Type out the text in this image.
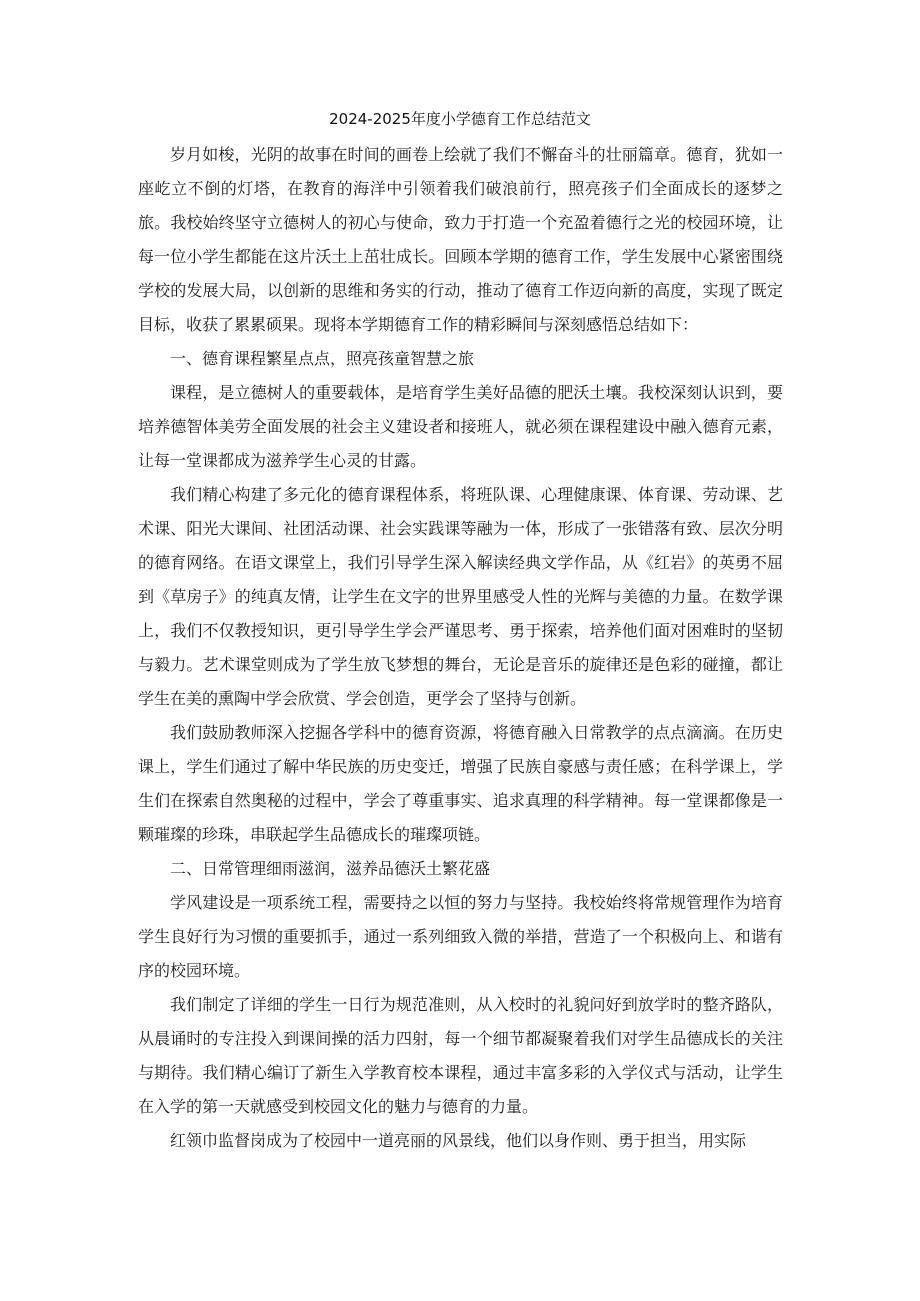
2024-2025年度小学德育工作总结范文

岁月如梭，光阴的故事在时间的画卷上绘就了我们不懈奋斗的壮丽篇章。德育，犹如一座屹立不倒的灯塔，在教育的海洋中引领着我们破浪前行，照亮孩子们全面成长的逐梦之旅。我校始终坚守立德树人的初心与使命，致力于打造一个充盈着德行之光的校园环境，让每一位小学生都能在这片沃土上茁壮成长。回顾本学期的德育工作，学生发展中心紧密围绕学校的发展大局，以创新的思维和务实的行动，推动了德育工作迈向新的高度，实现了既定目标，收获了累累硕果。现将本学期德育工作的精彩瞬间与深刻感悟总结如下：

一、德育课程繁星点点，照亮孩童智慧之旅

课程，是立德树人的重要载体，是培育学生美好品德的肥沃土壤。我校深刻认识到，要培养德智体美劳全面发展的社会主义建设者和接班人，就必须在课程建设中融入德育元素，让每一堂课都成为滋养学生心灵的甘露。

我们精心构建了多元化的德育课程体系，将班队课、心理健康课、体育课、劳动课、艺术课、阳光大课间、社团活动课、社会实践课等融为一体，形成了一张错落有致、层次分明的德育网络。在语文课堂上，我们引导学生深入解读经典文学作品，从《红岩》的英勇不屈到《草房子》的纯真友情，让学生在文字的世界里感受人性的光辉与美德的力量。在数学课上，我们不仅教授知识，更引导学生学会严谨思考、勇于探索，培养他们面对困难时的坚韧与毅力。艺术课堂则成为了学生放飞梦想的舞台，无论是音乐的旋律还是色彩的碰撞，都让学生在美的熏陶中学会欣赏、学会创造，更学会了坚持与创新。

我们鼓励教师深入挖掘各学科中的德育资源，将德育融入日常教学的点点滴滴。在历史课上，学生们通过了解中华民族的历史变迁，增强了民族自豪感与责任感；在科学课上，学生们在探索自然奥秘的过程中，学会了尊重事实、追求真理的科学精神。每一堂课都像是一颗璀璨的珍珠，串联起学生品德成长的璀璨项链。

二、日常管理细雨滋润，滋养品德沃土繁花盛

学风建设是一项系统工程，需要持之以恒的努力与坚持。我校始终将常规管理作为培育学生良好行为习惯的重要抓手，通过一系列细致入微的举措，营造了一个积极向上、和谐有序的校园环境。

我们制定了详细的学生一日行为规范准则，从入校时的礼貌问好到放学时的整齐路队，从晨诵时的专注投入到课间操的活力四射，每一个细节都凝聚着我们对学生品德成长的关注与期待。我们精心编订了新生入学教育校本课程，通过丰富多彩的入学仪式与活动，让学生在入学的第一天就感受到校园文化的魅力与德育的力量。

红领巾监督岗成为了校园中一道亮丽的风景线，他们以身作则、勇于担当，用实际
